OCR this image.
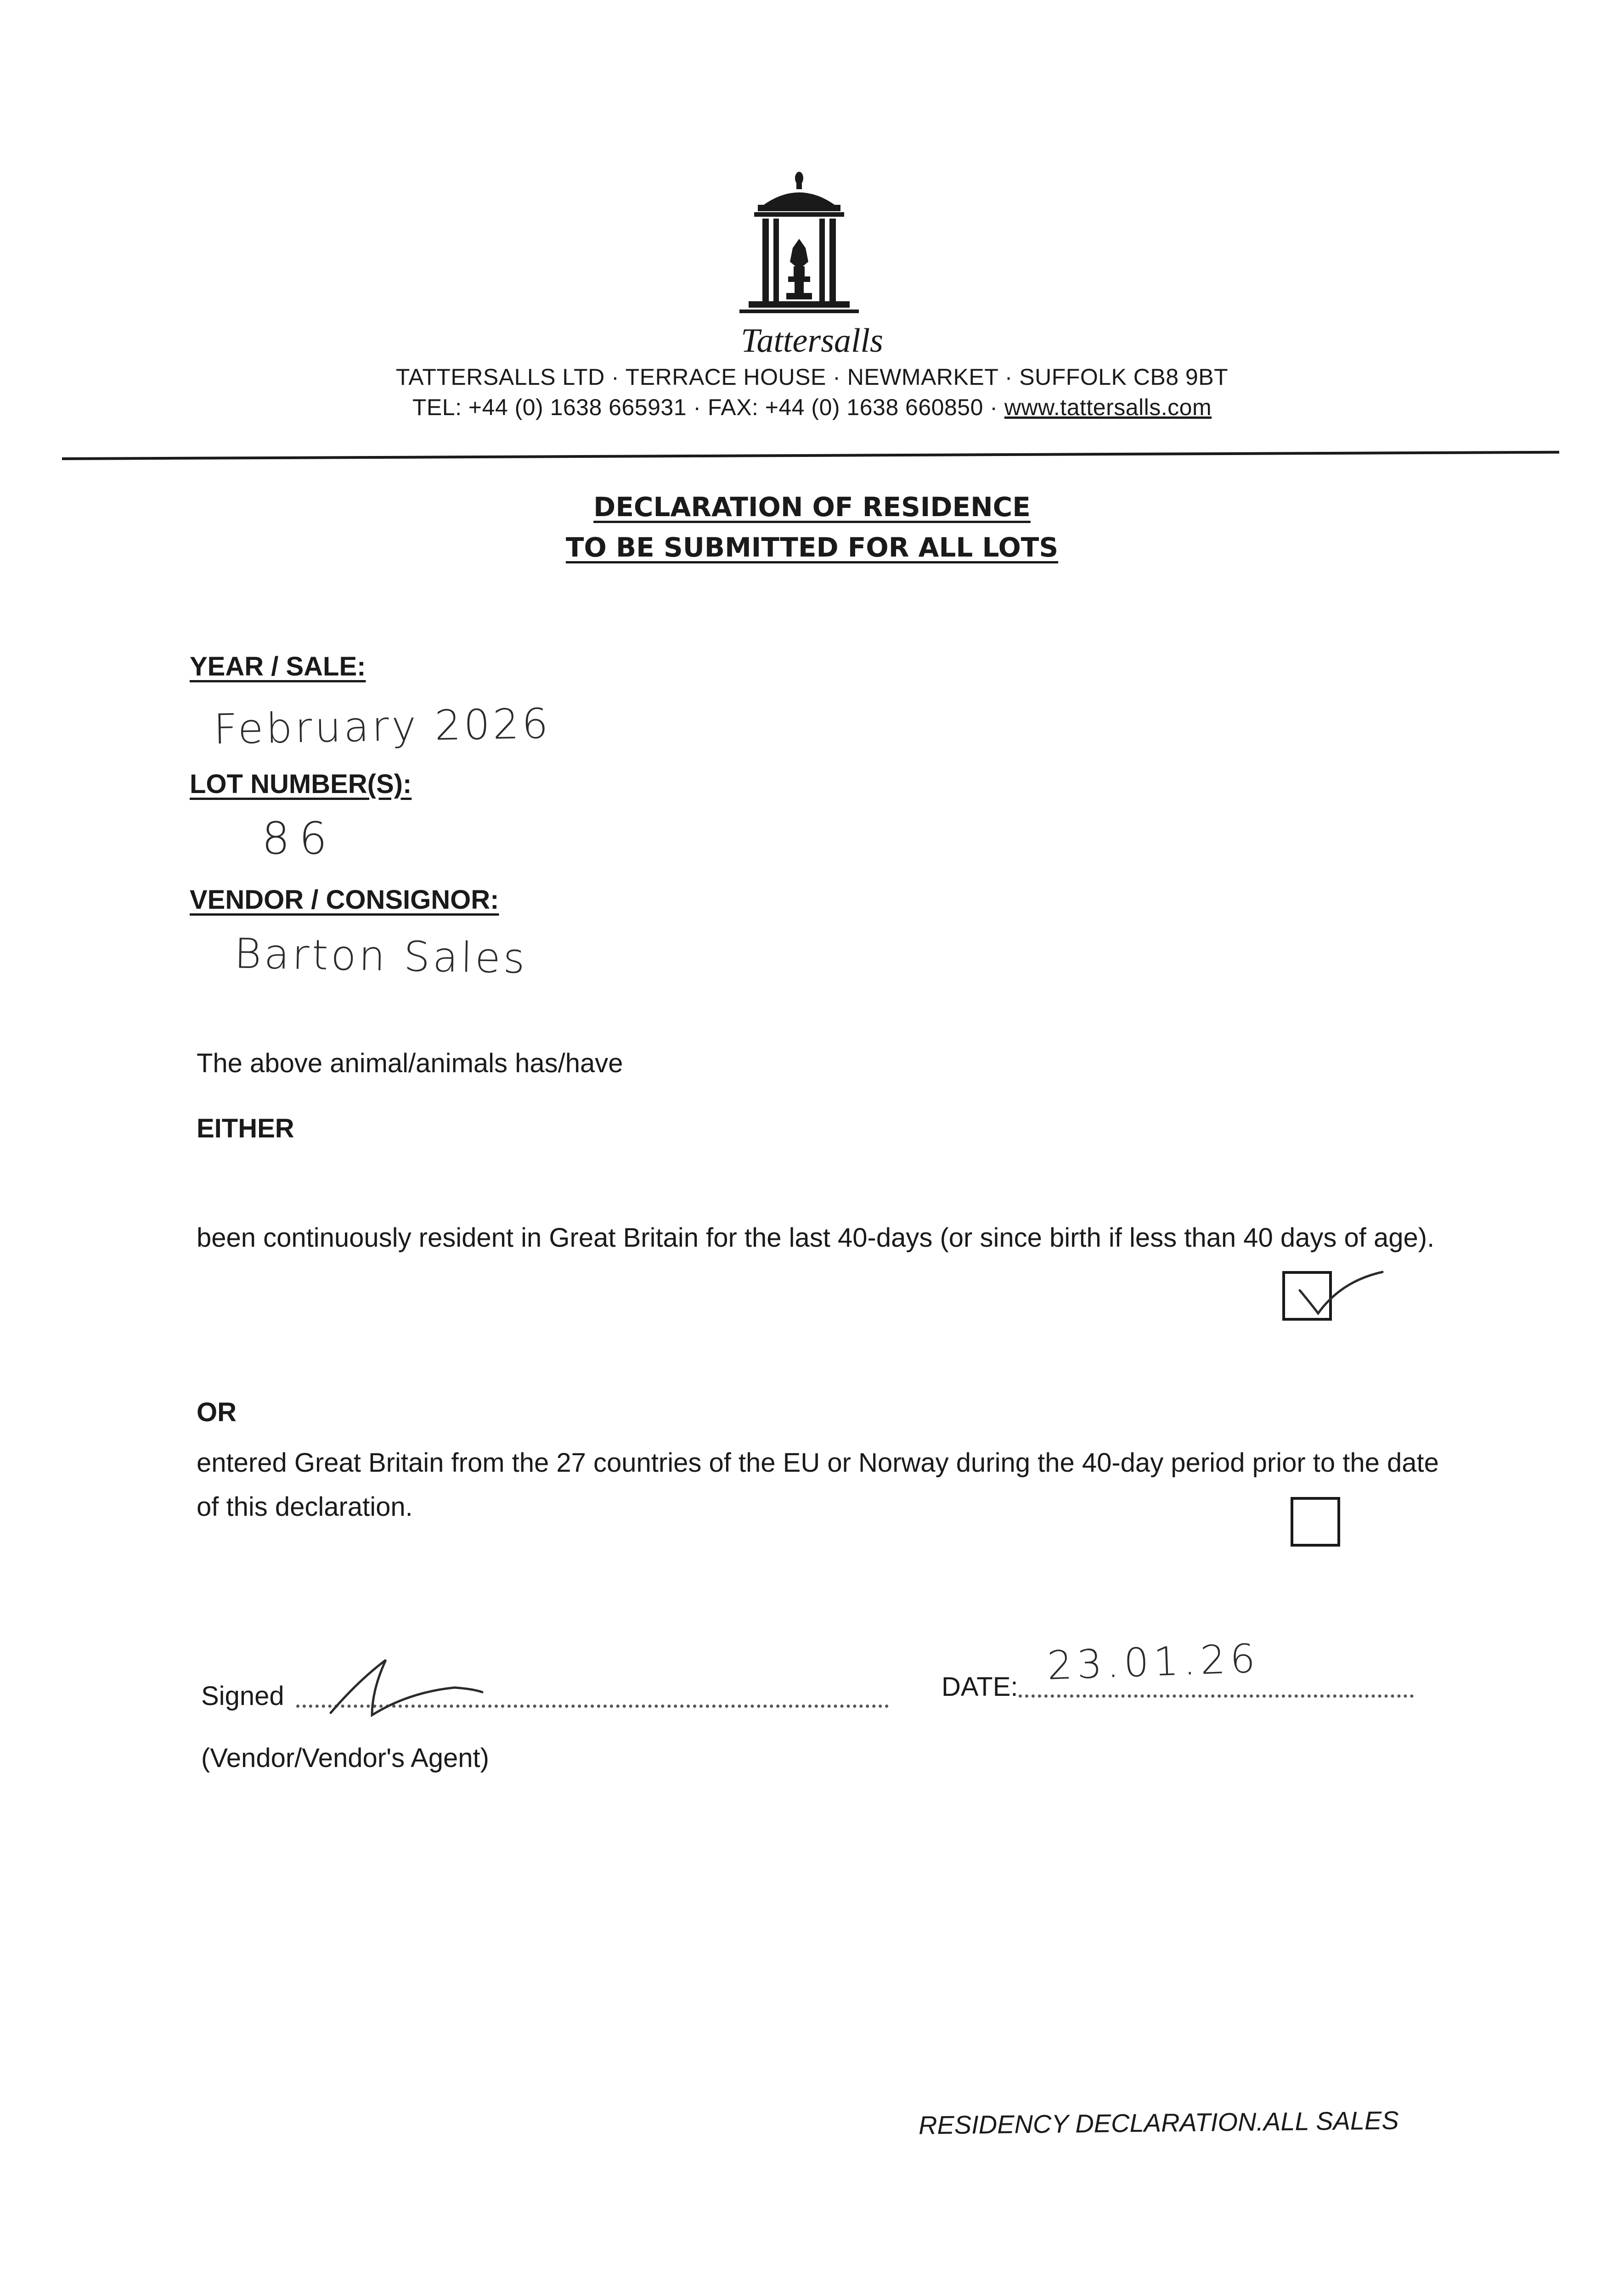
Tattersalls
TATTERSALLS LTD · TERRACE HOUSE · NEWMARKET · SUFFOLK CB8 9BT
TEL: +44 (0) 1638 665931 · FAX: +44 (0) 1638 660850 · www.tattersalls.com
DECLARATION OF RESIDENCE
TO BE SUBMITTED FOR ALL LOTS
YEAR / SALE:
February 2026
LOT NUMBER(S):
86
VENDOR / CONSIGNOR:
Barton Sales
The above animal/animals has/have
EITHER
been continuously resident in Great Britain for the last 40-days (or since birth if less than 40 days of age).
OR
entered Great Britain from the 27 countries of the EU or Norway during the 40-day period prior to the date of this declaration.
Signed	DATE: 23.01.26
(Vendor/Vendor's Agent)
RESIDENCY DECLARATION.ALL SALES
